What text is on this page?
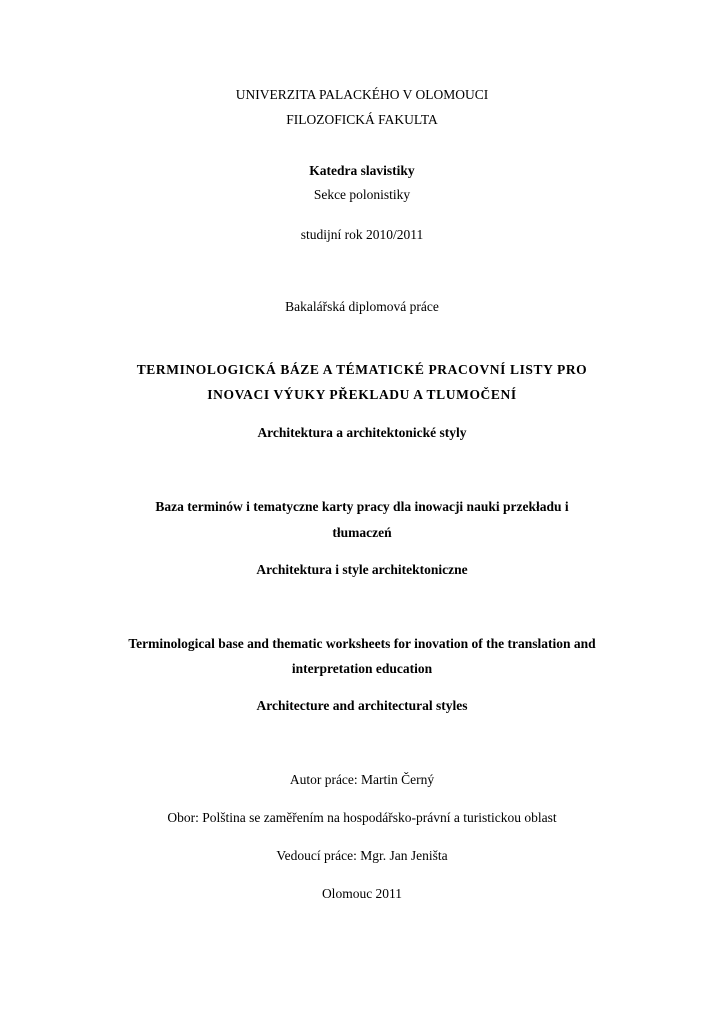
UNIVERZITA PALACKÉHO V OLOMOUCI
FILOZOFICKÁ FAKULTA
Katedra slavistiky
Sekce polonistiky
studijní rok 2010/2011
Bakalářská diplomová práce
TERMINOLOGICKÁ BÁZE A TÉMATICKÉ PRACOVNÍ LISTY PRO
INOVACI VÝUKY PŘEKLADU A TLUMOČENÍ
Architektura a architektonické styly
Baza terminów i tematyczne karty pracy dla inowacji nauki przekładu i
tłumaczeń
Architektura i style architektoniczne
Terminological base and thematic worksheets for inovation of the translation and
interpretation education
Architecture and architectural styles
Autor práce: Martin Černý
Obor: Polština se zaměřením na hospodářsko-právní a turistickou oblast
Vedoucí práce: Mgr. Jan Jeništa
Olomouc 2011
